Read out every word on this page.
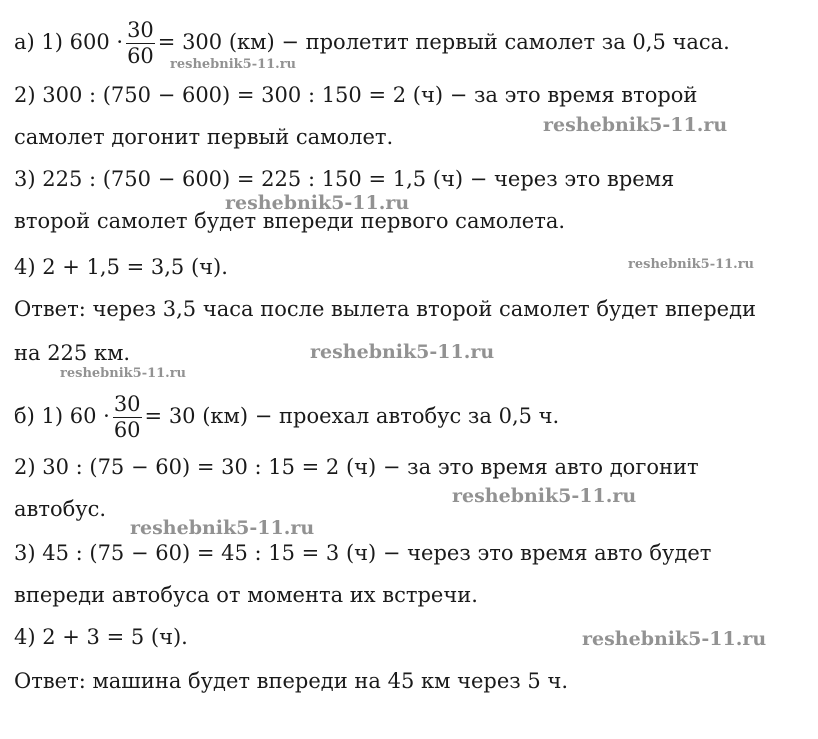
а) 1) $600 \cdot \frac{30}{60} = 300$ (км) − пролетит первый самолет за 0,5 часа.

2) 300 : (750 − 600) = 300 : 150 = 2 (ч) − за это время второй

самолет догонит первый самолет.

3) 225 : (750 − 600) = 225 : 150 = 1,5 (ч) − через это время

второй самолет будет впереди первого самолета.

4) 2 + 1,5 = 3,5 (ч).

Ответ: через 3,5 часа после вылета второй самолет будет впереди

на 225 км.

б) 1) $60 \cdot \frac{30}{60} = 30$ (км) − проехал автобус за 0,5 ч.

2) 30 : (75 − 60) = 30 : 15 = 2 (ч) − за это время авто догонит

автобус.

3) 45 : (75 − 60) = 45 : 15 = 3 (ч) − через это время авто будет

впереди автобуса от момента их встречи.

4) 2 + 3 = 5 (ч).

Ответ: машина будет впереди на 45 км через 5 ч.

reshebnik5-11.ru
reshebnik5-11.ru
reshebnik5-11.ru
reshebnik5-11.ru
reshebnik5-11.ru
reshebnik5-11.ru
reshebnik5-11.ru
reshebnik5-11.ru
reshebnik5-11.ru
